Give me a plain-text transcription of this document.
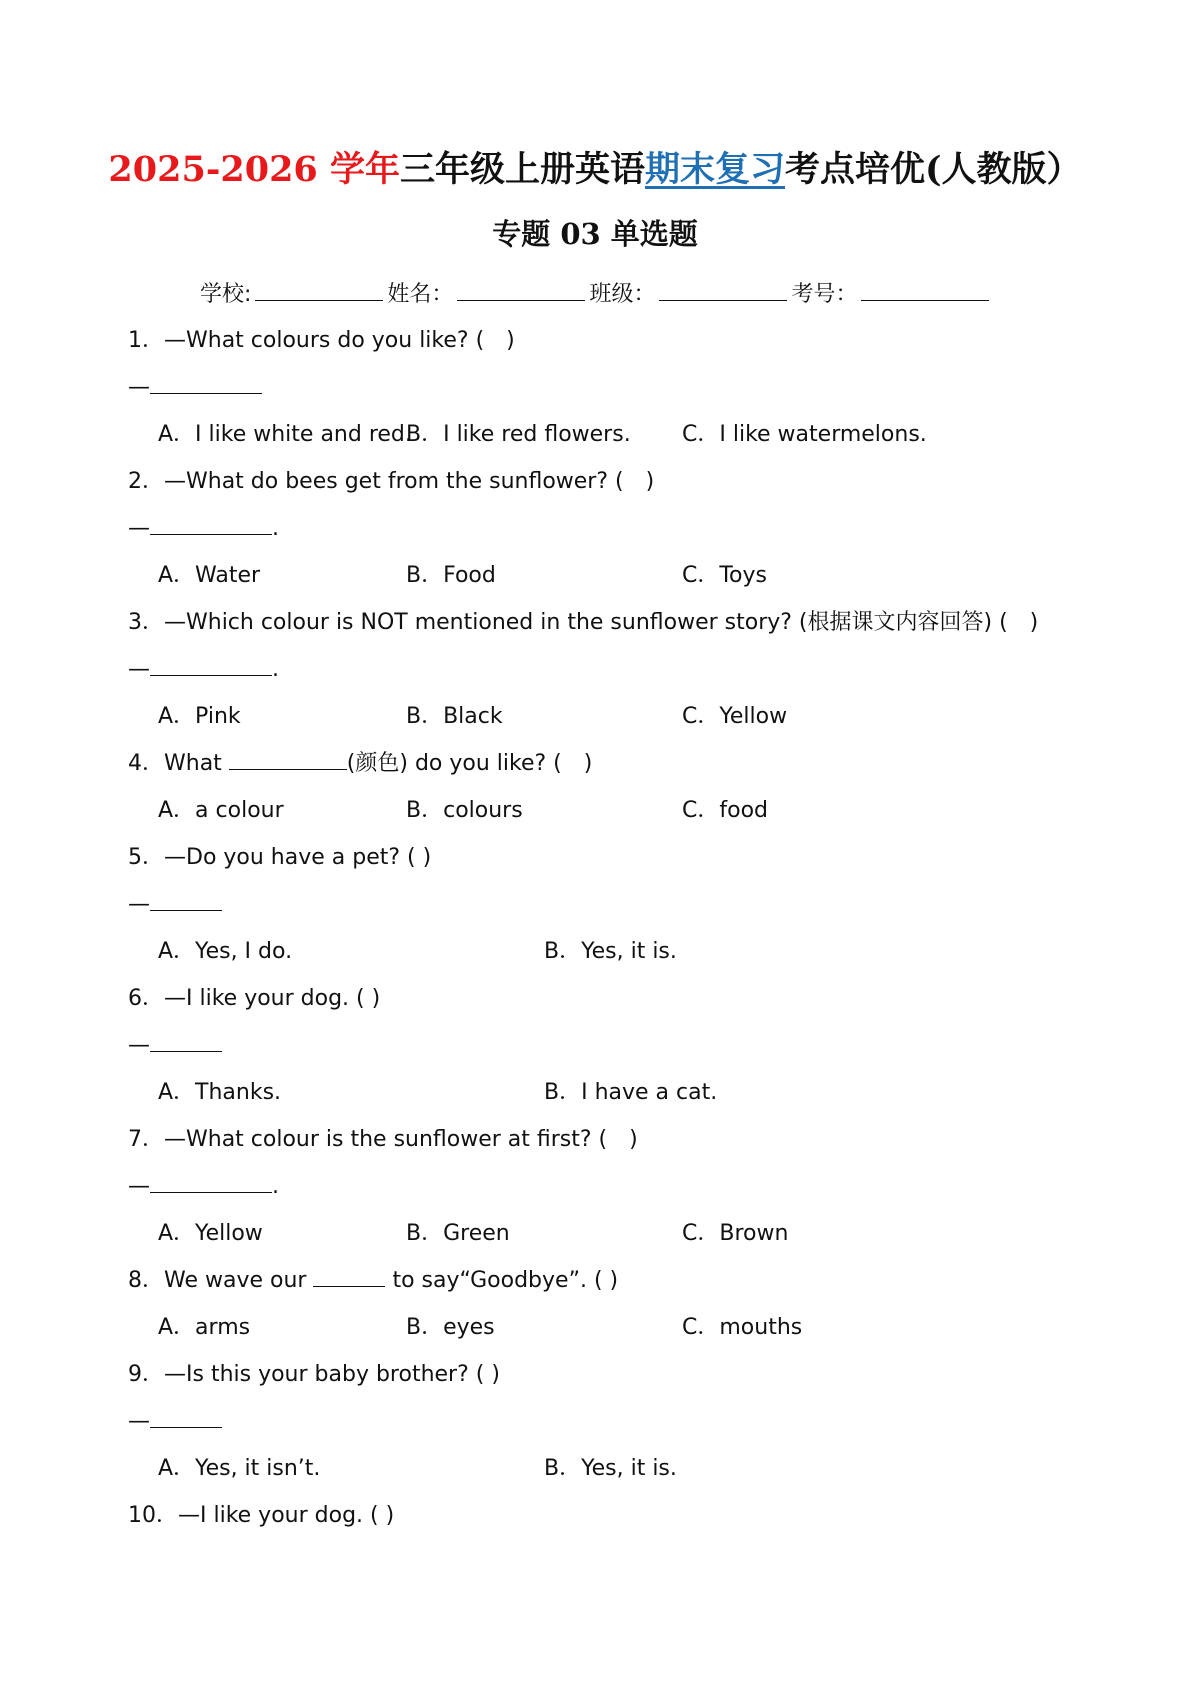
2025-2026 学年三年级上册英语期末复习考点培优(人教版）
专题 03 单选题
学校:	姓名：	班级：	考号：
1．—What colours do you like? (　)
—
A．I like white and red.
B．I like red flowers. C．I like watermelons.
2．—What do bees get from the sunflower? (　)
—	.
A．Water	B．Food	C．Toys
3．—Which colour is NOT mentioned in the sunflower story? (根据课文内容回答) (　)
—	.
A．Pink	B．Black	C．Yellow
4．What	(颜色) do you like? (　)
A．a colour	B．colours	C．food
5．—Do you have a pet? ( )
—
A．Yes, I do.	B．Yes, it is.
6．—I like your dog. ( )
—
A．Thanks.	B．I have a cat.
7．—What colour is the sunflower at first? (　)
—	.
A．Yellow	B．Green	C．Brown
8．We wave our	to say“Goodbye”. ( )
A．arms	B．eyes	C．mouths
9．—Is this your baby brother? ( )
—
A．Yes, it isn’t.	B．Yes, it is.
10．—I like your dog. ( )
